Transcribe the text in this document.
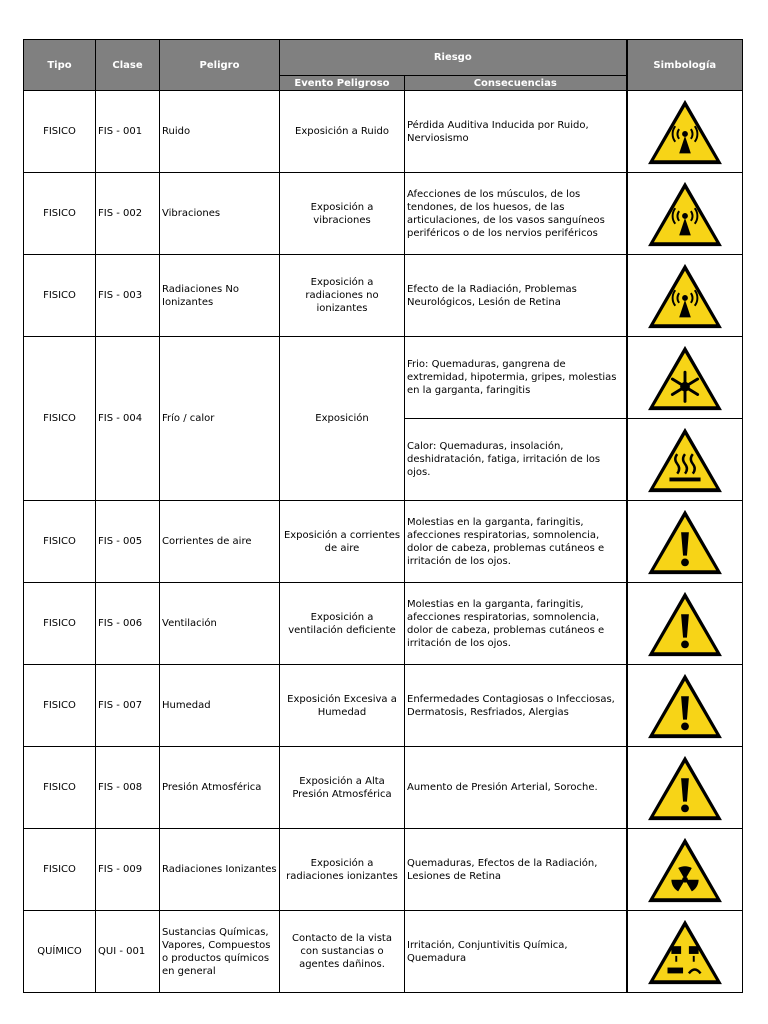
Tipo	Clase	Peligro	Riesgo		Simbología
			Evento Peligroso	Consecuencias	
FISICO	FIS - 001	Ruido	Exposición a Ruido	Pérdida Auditiva Inducida por Ruido, Nerviosismo	

FISICO	FIS - 002	Vibraciones	Exposición a vibraciones	Afecciones de los músculos, de los tendones, de los huesos, de las articulaciones, de los vasos sanguíneos periféricos o de los nervios periféricos	

FISICO	FIS - 003	Radiaciones No Ionizantes	Exposición a radiaciones no ionizantes	Efecto de la Radiación, Problemas Neurológicos, Lesión de Retina	

FISICO	FIS - 004	Frío / calor	Exposición	Frio: Quemaduras, gangrena de extremidad, hipotermia, gripes, molestias en la garganta, faringitis	

				Calor: Quemaduras, insolación, deshidratación, fatiga, irritación de los ojos.	

FISICO	FIS - 005	Corrientes de aire	Exposición a corrientes de aire	Molestias en la garganta, faringitis, afecciones respiratorias, somnolencia, dolor de cabeza, problemas cutáneos e irritación de los ojos.	

FISICO	FIS - 006	Ventilación	Exposición a ventilación deficiente	Molestias en la garganta, faringitis, afecciones respiratorias, somnolencia, dolor de cabeza, problemas cutáneos e irritación de los ojos.	

FISICO	FIS - 007	Humedad	Exposición Excesiva a Humedad	Enfermedades Contagiosas o Infecciosas, Dermatosis, Resfriados, Alergias	

FISICO	FIS - 008	Presión Atmosférica	Exposición a Alta Presión Atmosférica	Aumento de Presión Arterial, Soroche.	

FISICO	FIS - 009	Radiaciones Ionizantes	Exposición a radiaciones ionizantes	Quemaduras, Efectos de la Radiación, Lesiones de Retina	

QUÍMICO	QUI - 001	Sustancias Químicas, Vapores, Compuestos o productos químicos en general	Contacto de la vista con sustancias o agentes dañinos.	Irritación, Conjuntivitis Química, Quemadura	
